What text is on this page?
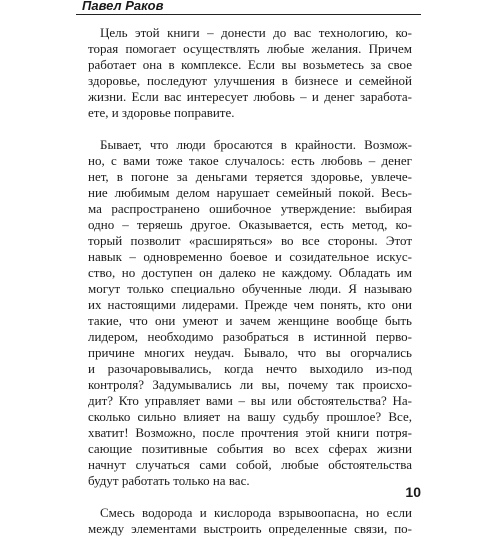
Павел Раков
Цель этой книги – донести до вас технологию, ко-
торая помогает осуществлять любые желания. Причем
работает она в комплексе. Если вы возьметесь за свое
здоровье, последуют улучшения в бизнесе и семейной
жизни. Если вас интересует любовь – и денег заработа-
ете, и здоровье поправите.
Бывает, что люди бросаются в крайности. Возмож-
но, с вами тоже такое случалось: есть любовь – денег
нет, в погоне за деньгами теряется здоровье, увлече-
ние любимым делом нарушает семейный покой. Весь-
ма распространено ошибочное утверждение: выбирая
одно – теряешь другое. Оказывается, есть метод, ко-
торый позволит «расширяться» во все стороны. Этот
навык – одновременно боевое и созидательное искус-
ство, но доступен он далеко не каждому. Обладать им
могут только специально обученные люди. Я называю
их настоящими лидерами. Прежде чем понять, кто они
такие, что они умеют и зачем женщине вообще быть
лидером, необходимо разобраться в истинной перво-
причине многих неудач. Бывало, что вы огорчались
и разочаровывались, когда нечто выходило из-под
контроля? Задумывались ли вы, почему так происхо-
дит? Кто управляет вами – вы или обстоятельства? На-
сколько сильно влияет на вашу судьбу прошлое? Все,
хватит! Возможно, после прочтения этой книги потря-
сающие позитивные события во всех сферах жизни
начнут случаться сами собой, любые обстоятельства
будут работать только на вас.
Смесь водорода и кислорода взрывоопасна, но если
между элементами выстроить определенные связи, по-
10
